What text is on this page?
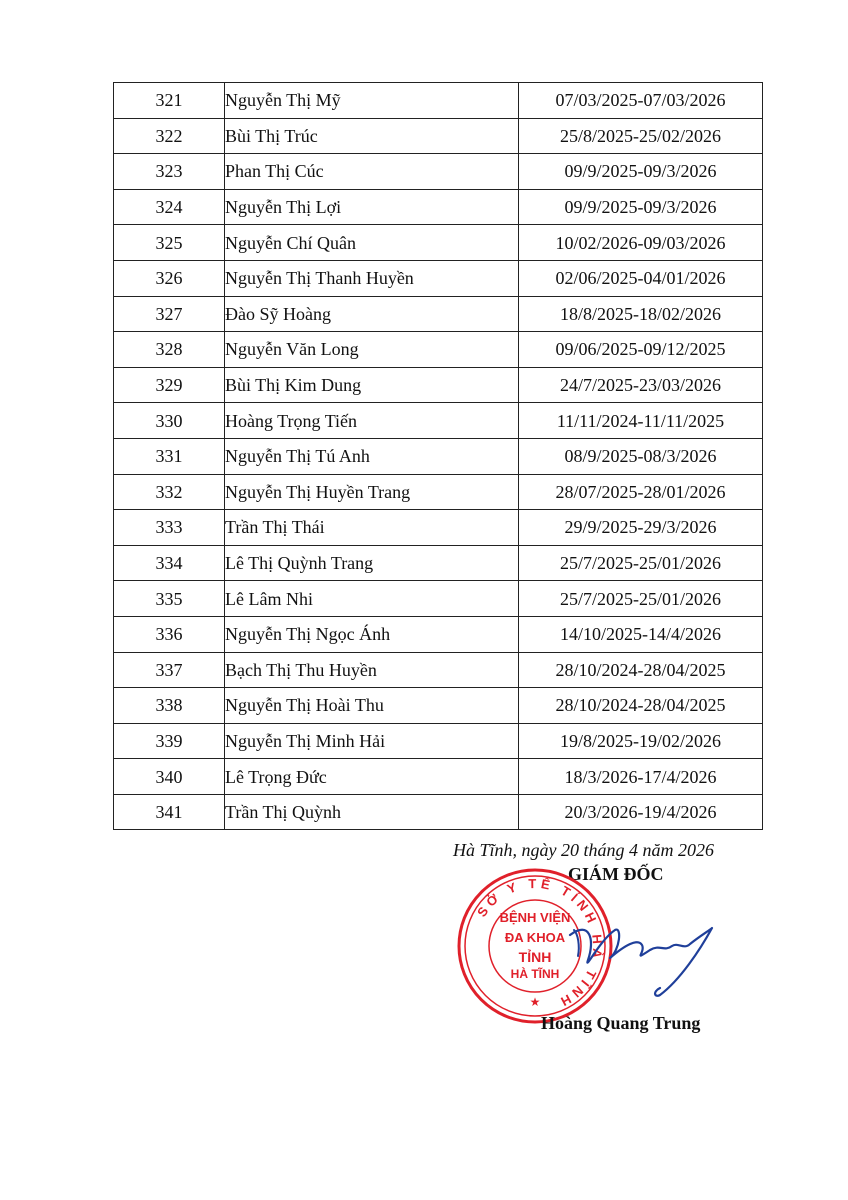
321	Nguyễn Thị Mỹ	07/03/2025-07/03/2026
322	Bùi Thị Trúc	25/8/2025-25/02/2026
323	Phan Thị Cúc	09/9/2025-09/3/2026
324	Nguyễn Thị Lợi	09/9/2025-09/3/2026
325	Nguyễn Chí Quân	10/02/2026-09/03/2026
326	Nguyễn Thị Thanh Huyền	02/06/2025-04/01/2026
327	Đào Sỹ Hoàng	18/8/2025-18/02/2026
328	Nguyễn Văn Long	09/06/2025-09/12/2025
329	Bùi Thị Kim Dung	24/7/2025-23/03/2026
330	Hoàng Trọng Tiến	11/11/2024-11/11/2025
331	Nguyễn Thị Tú Anh	08/9/2025-08/3/2026
332	Nguyễn Thị Huyền Trang	28/07/2025-28/01/2026
333	Trần Thị Thái	29/9/2025-29/3/2026
334	Lê Thị Quỳnh Trang	25/7/2025-25/01/2026
335	Lê Lâm Nhi	25/7/2025-25/01/2026
336	Nguyễn Thị Ngọc Ánh	14/10/2025-14/4/2026
337	Bạch Thị Thu Huyền	28/10/2024-28/04/2025
338	Nguyễn Thị Hoài Thu	28/10/2024-28/04/2025
339	Nguyễn Thị Minh Hải	19/8/2025-19/02/2026
340	Lê Trọng Đức	18/3/2026-17/4/2026
341	Trần Thị Quỳnh	20/3/2026-19/4/2026
Hà Tĩnh, ngày 20 tháng 4 năm 2026
GIÁM ĐỐC
SỞ Y TẾ TỈNH HÀ TĨNH
BỆNH VIỆN
ĐA KHOA
TỈNH
HÀ TĨNH
★
Hoàng Quang Trung
